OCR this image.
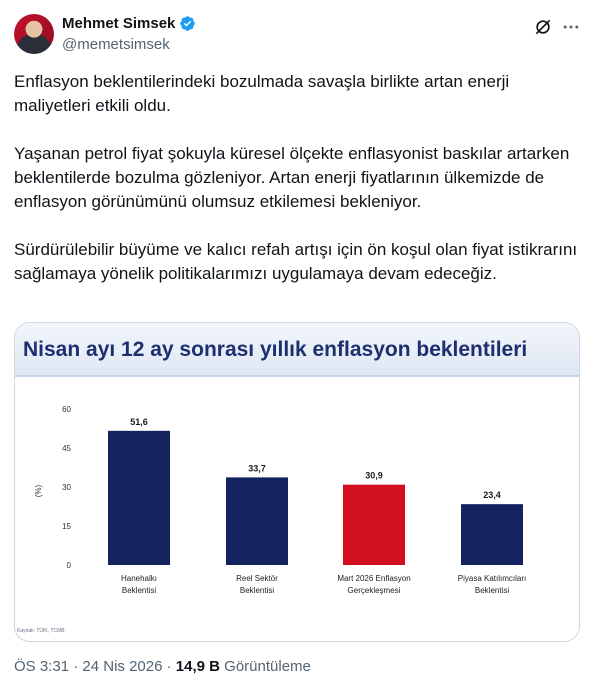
Mehmet Simsek
@memetsimsek

Enflasyon beklentilerindeki bozulmada savaşla birlikte artan enerji maliyetleri etkili oldu.

Yaşanan petrol fiyat şokuyla küresel ölçekte enflasyonist baskılar artarken beklentilerde bozulma gözleniyor. Artan enerji fiyatlarının ülkemizde de enflasyon görünümünü olumsuz etkilemesi bekleniyor.

Sürdürülebilir büyüme ve kalıcı refah artışı için ön koşul olan fiyat istikrarını sağlamaya yönelik politikalarımızı uygulamaya devam edeceğiz.

Nisan ayı 12 ay sonrası yıllık enflasyon beklentileri
0
15
30
45
60
(%)
51,6
Hanehalkı
Beklentisi
33,7
Reel Sektör
Beklentisi
30,9
Mart 2026 Enflasyon
Gerçekleşmesi
23,4
Piyasa Katılımcıları
Beklentisi
Kaynak: TÜİK, TCMB
ÖS 3:31 · 24 Nis 2026 · 14,9 B Görüntüleme
